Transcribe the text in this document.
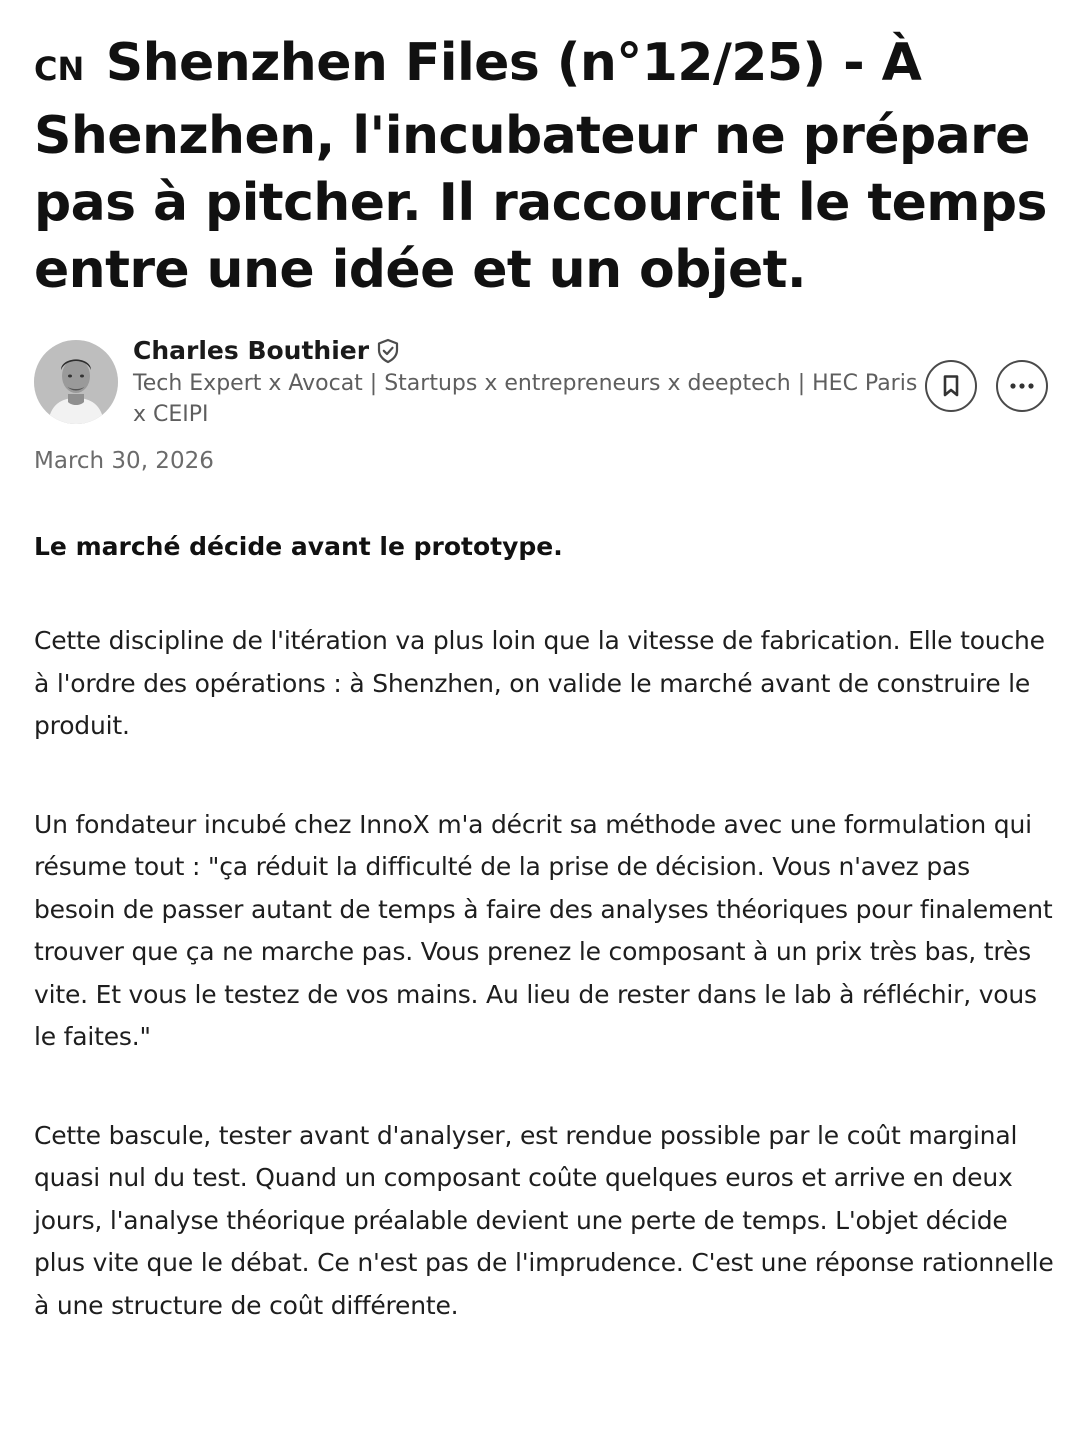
CN Shenzhen Files (n°12/25) - À Shenzhen, l'incubateur ne prépare pas à pitcher. Il raccourcit le temps entre une idée et un objet.
Charles Bouthier
Tech Expert x Avocat | Startups x entrepreneurs x deeptech | HEC Paris x CEIPI
March 30, 2026
Le marché décide avant le prototype.

Cette discipline de l'itération va plus loin que la vitesse de fabrication. Elle touche à l'ordre des opérations : à Shenzhen, on valide le marché avant de construire le produit.

Un fondateur incubé chez InnoX m'a décrit sa méthode avec une formulation qui résume tout : "ça réduit la difficulté de la prise de décision. Vous n'avez pas besoin de passer autant de temps à faire des analyses théoriques pour finalement trouver que ça ne marche pas. Vous prenez le composant à un prix très bas, très vite. Et vous le testez de vos mains. Au lieu de rester dans le lab à réfléchir, vous le faites."

Cette bascule, tester avant d'analyser, est rendue possible par le coût marginal quasi nul du test. Quand un composant coûte quelques euros et arrive en deux jours, l'analyse théorique préalable devient une perte de temps. L'objet décide plus vite que le débat. Ce n'est pas de l'imprudence. C'est une réponse rationnelle à une structure de coût différente.
